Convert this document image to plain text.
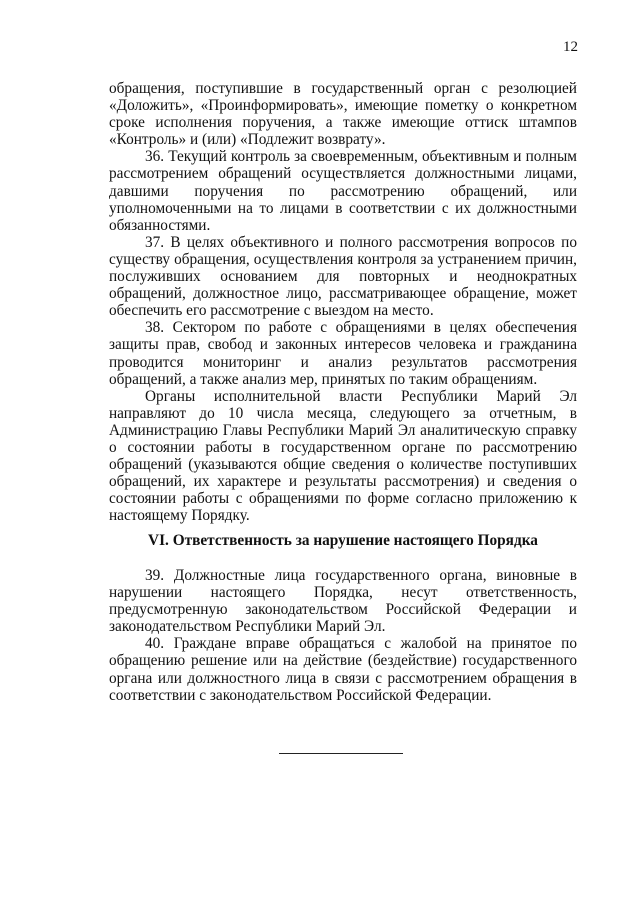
12

обращения, поступившие в государственный орган с резолюцией «Доложить», «Проинформировать», имеющие пометку о конкретном сроке исполнения поручения, а также имеющие оттиск штампов «Контроль» и (или) «Подлежит возврату».

36. Текущий контроль за своевременным, объективным и полным рассмотрением обращений осуществляется должностными лицами, давшими поручения по рассмотрению обращений, или уполномоченными на то лицами в соответствии с их должностными обязанностями.

37. В целях объективного и полного рассмотрения вопросов по существу обращения, осуществления контроля за устранением причин, послуживших основанием для повторных и неоднократных обращений, должностное лицо, рассматривающее обращение, может обеспечить его рассмотрение с выездом на место.

38. Сектором по работе с обращениями в целях обеспечения защиты прав, свобод и законных интересов человека и гражданина проводится мониторинг и анализ результатов рассмотрения обращений, а также анализ мер, принятых по таким обращениям.

Органы исполнительной власти Республики Марий Эл направляют до 10 числа месяца, следующего за отчетным, в Администрацию Главы Республики Марий Эл аналитическую справку о состоянии работы в государственном органе по рассмотрению обращений (указываются общие сведения о количестве поступивших обращений, их характере и результаты рассмотрения) и сведения о состоянии работы с обращениями по форме согласно приложению к настоящему Порядку.

VI. Ответственность за нарушение настоящего Порядка

39. Должностные лица государственного органа, виновные в нарушении настоящего Порядка, несут ответственность, предусмотренную законодательством Российской Федерации и законодательством Республики Марий Эл.

40. Граждане вправе обращаться с жалобой на принятое по обращению решение или на действие (бездействие) государственного органа или должностного лица в связи с рассмотрением обращения в соответствии с законодательством Российской Федерации.
